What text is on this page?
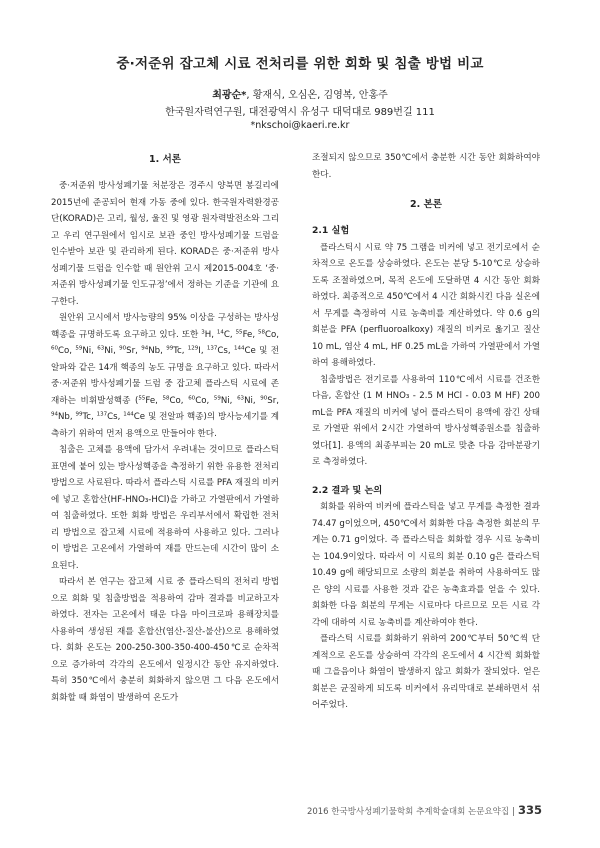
중·저준위 잡고체 시료 전처리를 위한 회화 및 침출 방법 비교
최광순*, 황재식, 오심온, 김영복, 안홍주
한국원자력연구원, 대전광역시 유성구 대덕대로 989번길 111
*nkschoi@kaeri.re.kr
1. 서론

중·저준위 방사성폐기물 처분장은 경주시 양북면 봉길리에 2015년에 준공되어 현재 가동 중에 있다. 한국원자력환경공단(KORAD)은 고리, 월성, 울진 및 영광 원자력발전소와 그리고 우리 연구원에서 임시로 보관 중인 방사성폐기물 드럼을 인수받아 보관 및 관리하게 된다. KORAD은 중·저준위 방사성폐기물 드럼을 인수할 때 원안위 고시 제2015-004호 ‘중·저준위 방사성폐기물 인도규정’에서 정하는 기준을 기관에 요구한다.

원안위 고시에서 방사능량의 95% 이상을 구성하는 방사성핵종을 규명하도록 요구하고 있다. 또한 $^3$H, $^{14}$C, $^{55}$Fe, $^{58}$Co, $^{60}$Co, $^{59}$Ni, $^{63}$Ni, $^{90}$Sr, $^{94}$Nb, $^{99}$Tc, $^{129}$I, $^{137}$Cs, $^{144}$Ce 및 전알파와 같은 14개 핵종의 농도 규명을 요구하고 있다. 따라서 중·저준위 방사성폐기물 드럼 중 잡고체 플라스틱 시료에 존재하는 비휘발성핵종 ($^{55}$Fe, $^{58}$Co, $^{60}$Co, $^{59}$Ni, $^{63}$Ni, $^{90}$Sr, $^{94}$Nb, $^{99}$Tc, $^{137}$Cs, $^{144}$Ce 및 전알파 핵종)의 방사능세기를 계측하기 위하여 먼저 용액으로 만들어야 한다.

침출은 고체를 용액에 담가서 우려내는 것이므로 플라스틱 표면에 붙어 있는 방사성핵종을 측정하기 위한 유용한 전처리 방법으로 사료된다. 따라서 플라스틱 시료를 PFA 재질의 비커에 넣고 혼합산(HF-HNO₃-HCl)을 가하고 가열판에서 가열하여 침출하였다. 또한 회화 방법은 우리부서에서 확립한 전처리 방법으로 잡고체 시료에 적용하여 사용하고 있다. 그러나 이 방법은 고온에서 가열하여 재를 만드는데 시간이 많이 소요된다.

따라서 본 연구는 잡고체 시료 중 플라스틱의 전처리 방법으로 회화 및 침출방법을 적용하여 감마 결과를 비교하고자 하였다. 전자는 고온에서 태운 다음 마이크로파 용해장치를 사용하여 생성된 재를 혼합산(염산-질산-불산)으로 용해하였다. 회화 온도는 200-250-300-350-400-450℃로 순차적으로 증가하여 각각의 온도에서 일정시간 동안 유지하였다. 특히 350℃에서 충분히 회화하지 않으면 그 다음 온도에서 회화할 때 화염이 발생하여 온도가

조절되지 않으므로 350℃에서 충분한 시간 동안 회화하여야 한다.

2. 본론
2.1 실험

플라스틱시 시료 약 75 그램을 비커에 넣고 전기로에서 순차적으로 온도를 상승하였다. 온도는 분당 5-10℃로 상승하도록 조절하였으며, 목적 온도에 도달하면 4 시간 동안 회화하였다. 최종적으로 450℃에서 4 시간 회화시킨 다음 실온에서 무게를 측정하여 시료 농축비를 계산하였다. 약 0.6 g의 회분을 PFA (perfluoroalkoxy) 재질의 비커로 옮기고 질산 10 mL, 염산 4 mL, HF 0.25 mL을 가하여 가열판에서 가열하여 용해하였다.

침출방법은 전기로를 사용하여 110℃에서 시료를 건조한 다음, 혼합산 (1 M HNO₃ - 2.5 M HCl - 0.03 M HF) 200 mL을 PFA 재질의 비커에 넣어 플라스틱이 용액에 잠긴 상태로 가열판 위에서 2시간 가열하여 방사성핵종원소를 침출하였다[1]. 용액의 최종부피는 20 mL로 맞춘 다음 감마분광기로 측정하였다.

2.2 결과 및 논의

회화를 위하여 비커에 플라스틱을 넣고 무게를 측정한 결과 74.47 g이었으며, 450℃에서 회화한 다음 측정한 회분의 무게는 0.71 g이었다. 즉 플라스틱을 회화할 경우 시료 농축비는 104.9이었다. 따라서 이 시료의 회분 0.10 g은 플라스틱 10.49 g에 해당되므로 소량의 회분을 취하여 사용하여도 많은 양의 시료를 사용한 것과 같은 농축효과를 얻을 수 있다. 회화한 다음 회분의 무게는 시료마다 다르므로 모든 시료 각각에 대하여 시료 농축비를 계산하여야 한다.

플라스틱 시료를 회화하기 위하여 200℃부터 50℃씩 단계적으로 온도를 상승하여 각각의 온도에서 4 시간씩 회화할 때 그을음이나 화염이 발생하지 않고 회화가 잘되었다. 얻은 회분은 균질하게 되도록 비커에서 유리막대로 분쇄하면서 섞어주었다.

2016 한국방사성폐기물학회 추계학술대회 논문요약집 | 335
